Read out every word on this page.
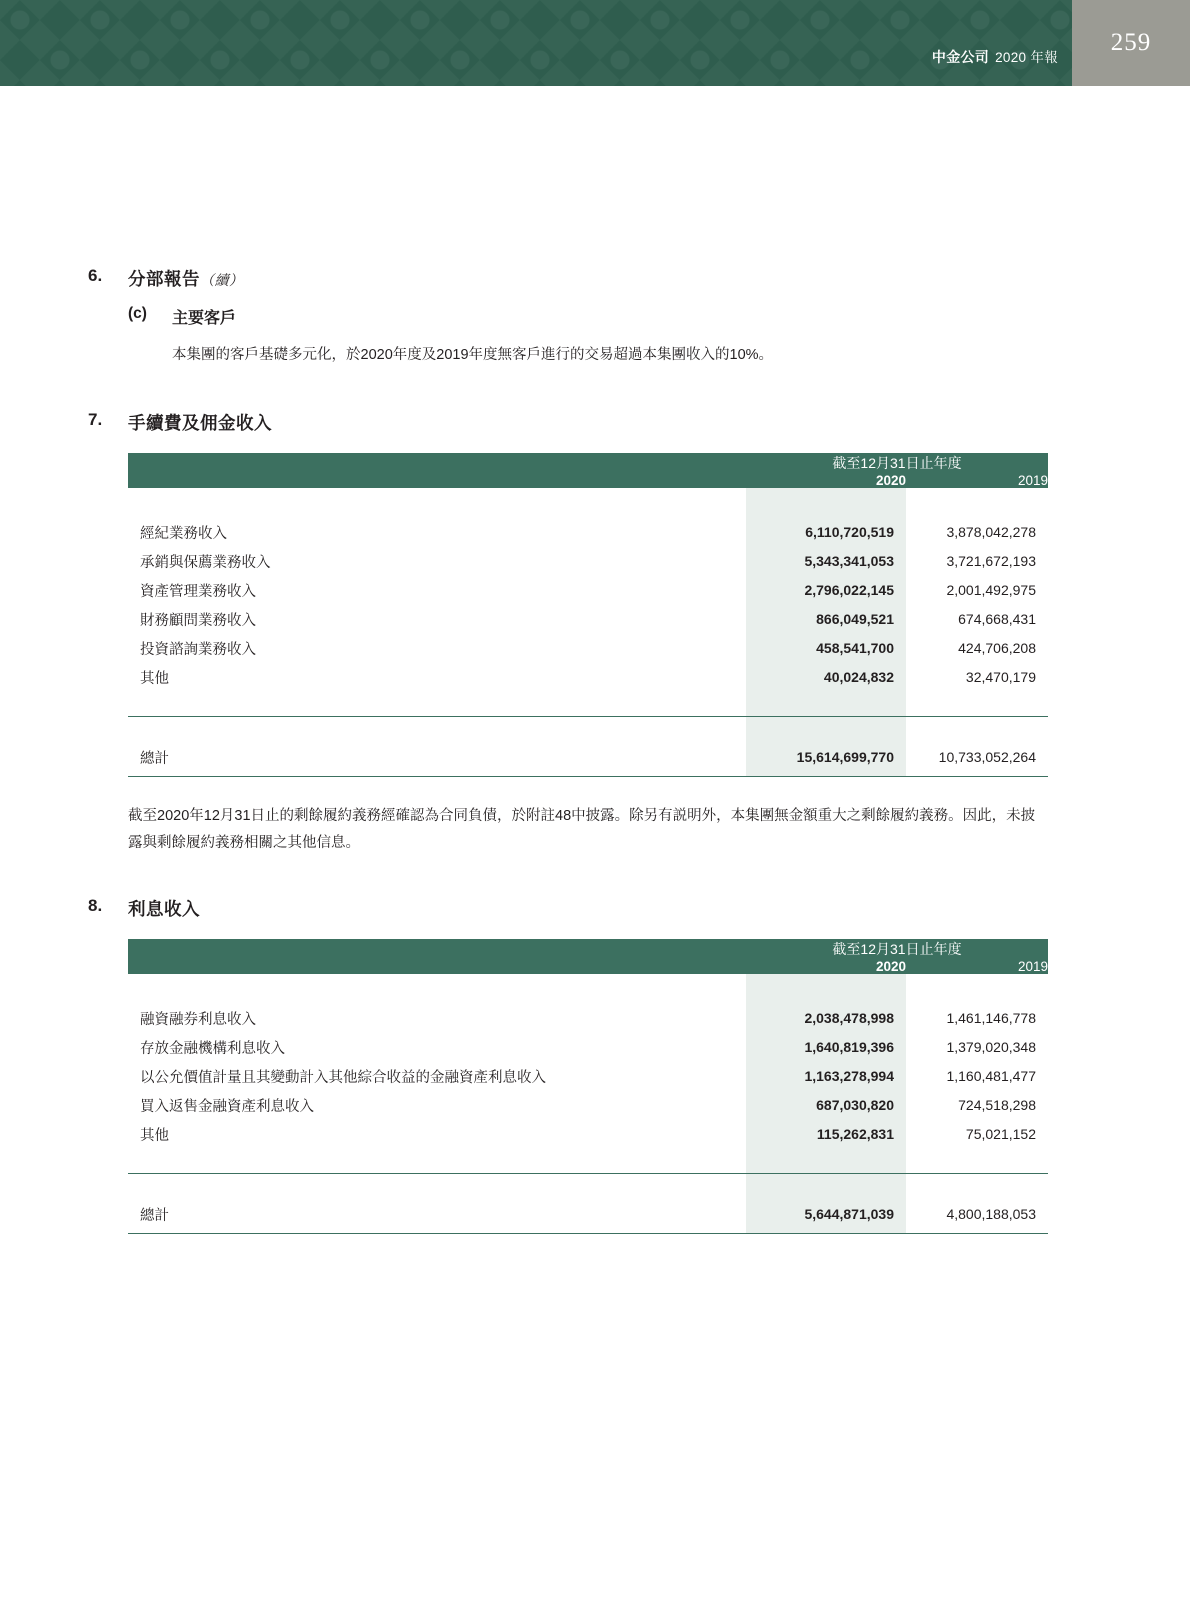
中金公司 2020 年報
259
6. 分部報告（續）
(c) 主要客戶
本集團的客戶基礎多元化，於2020年度及2019年度無客戶進行的交易超過本集團收入的10%。
7. 手續費及佣金收入
	截至12月31日止年度	
	2020	2019

經紀業務收入	6,110,720,519	3,878,042,278
承銷與保薦業務收入	5,343,341,053	3,721,672,193
資產管理業務收入	2,796,022,145	2,001,492,975
財務顧問業務收入	866,049,521	674,668,431
投資諮詢業務收入	458,541,700	424,706,208
其他	40,024,832	32,470,179

總計	15,614,699,770	10,733,052,264

截至2020年12月31日止的剩餘履約義務經確認為合同負債，於附註48中披露。除另有説明外，本集團無金額重大之剩餘履約義務。因此，未披露與剩餘履約義務相關之其他信息。
8. 利息收入
	截至12月31日止年度	
	2020	2019

融資融券利息收入	2,038,478,998	1,461,146,778
存放金融機構利息收入	1,640,819,396	1,379,020,348
以公允價值計量且其變動計入其他綜合收益的金融資產利息收入	1,163,278,994	1,160,481,477
買入返售金融資產利息收入	687,030,820	724,518,298
其他	115,262,831	75,021,152

總計	5,644,871,039	4,800,188,053
